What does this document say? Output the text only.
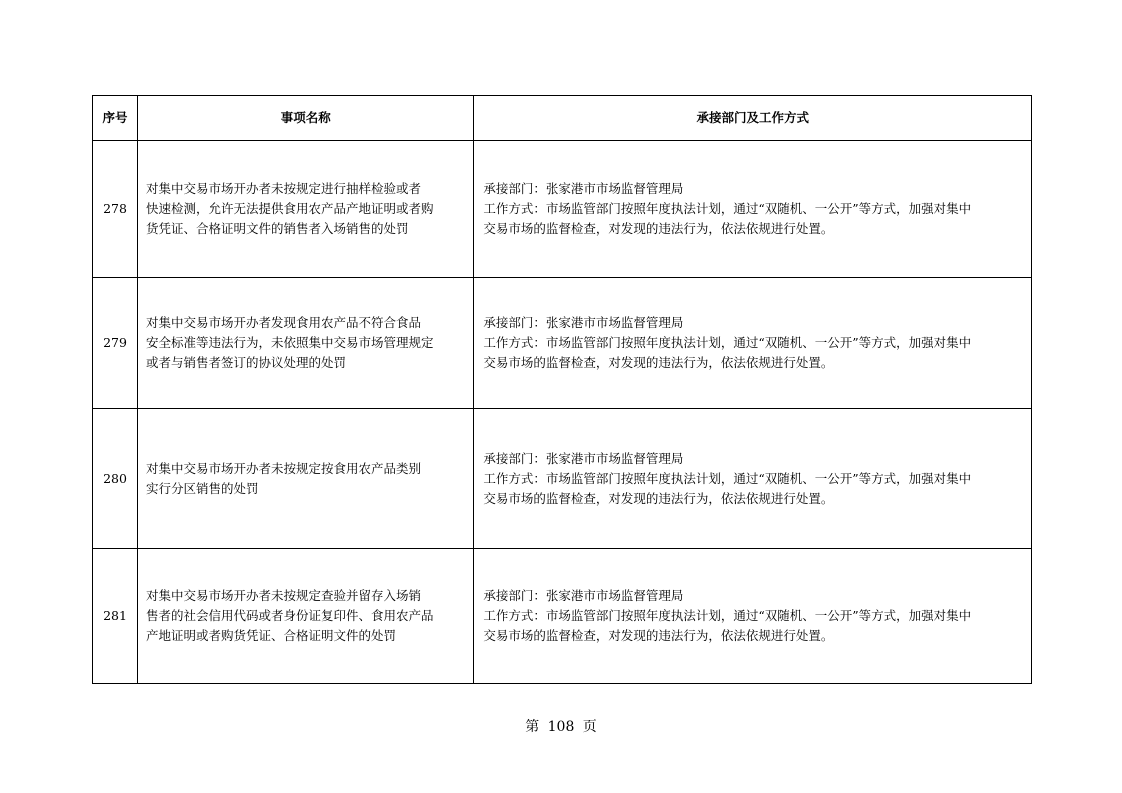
序号	事项名称	承接部门及工作方式
278	对集中交易市场开办者未按规定进行抽样检验或者
快速检测，允许无法提供食用农产品产地证明或者购
货凭证、合格证明文件的销售者入场销售的处罚	承接部门：张家港市市场监督管理局
工作方式：市场监管部门按照年度执法计划，通过“双随机、一公开”等方式，加强对集中
交易市场的监督检查，对发现的违法行为，依法依规进行处置。

279	对集中交易市场开办者发现食用农产品不符合食品
安全标准等违法行为，未依照集中交易市场管理规定
或者与销售者签订的协议处理的处罚	承接部门：张家港市市场监督管理局
工作方式：市场监管部门按照年度执法计划，通过“双随机、一公开”等方式，加强对集中
交易市场的监督检查，对发现的违法行为，依法依规进行处置。

280	对集中交易市场开办者未按规定按食用农产品类别
实行分区销售的处罚	承接部门：张家港市市场监督管理局
工作方式：市场监管部门按照年度执法计划，通过“双随机、一公开”等方式，加强对集中
交易市场的监督检查，对发现的违法行为，依法依规进行处置。

281	对集中交易市场开办者未按规定查验并留存入场销
售者的社会信用代码或者身份证复印件、食用农产品
产地证明或者购货凭证、合格证明文件的处罚	承接部门：张家港市市场监督管理局
工作方式：市场监管部门按照年度执法计划，通过“双随机、一公开”等方式，加强对集中
交易市场的监督检查，对发现的违法行为，依法依规进行处置。
第 108 页
